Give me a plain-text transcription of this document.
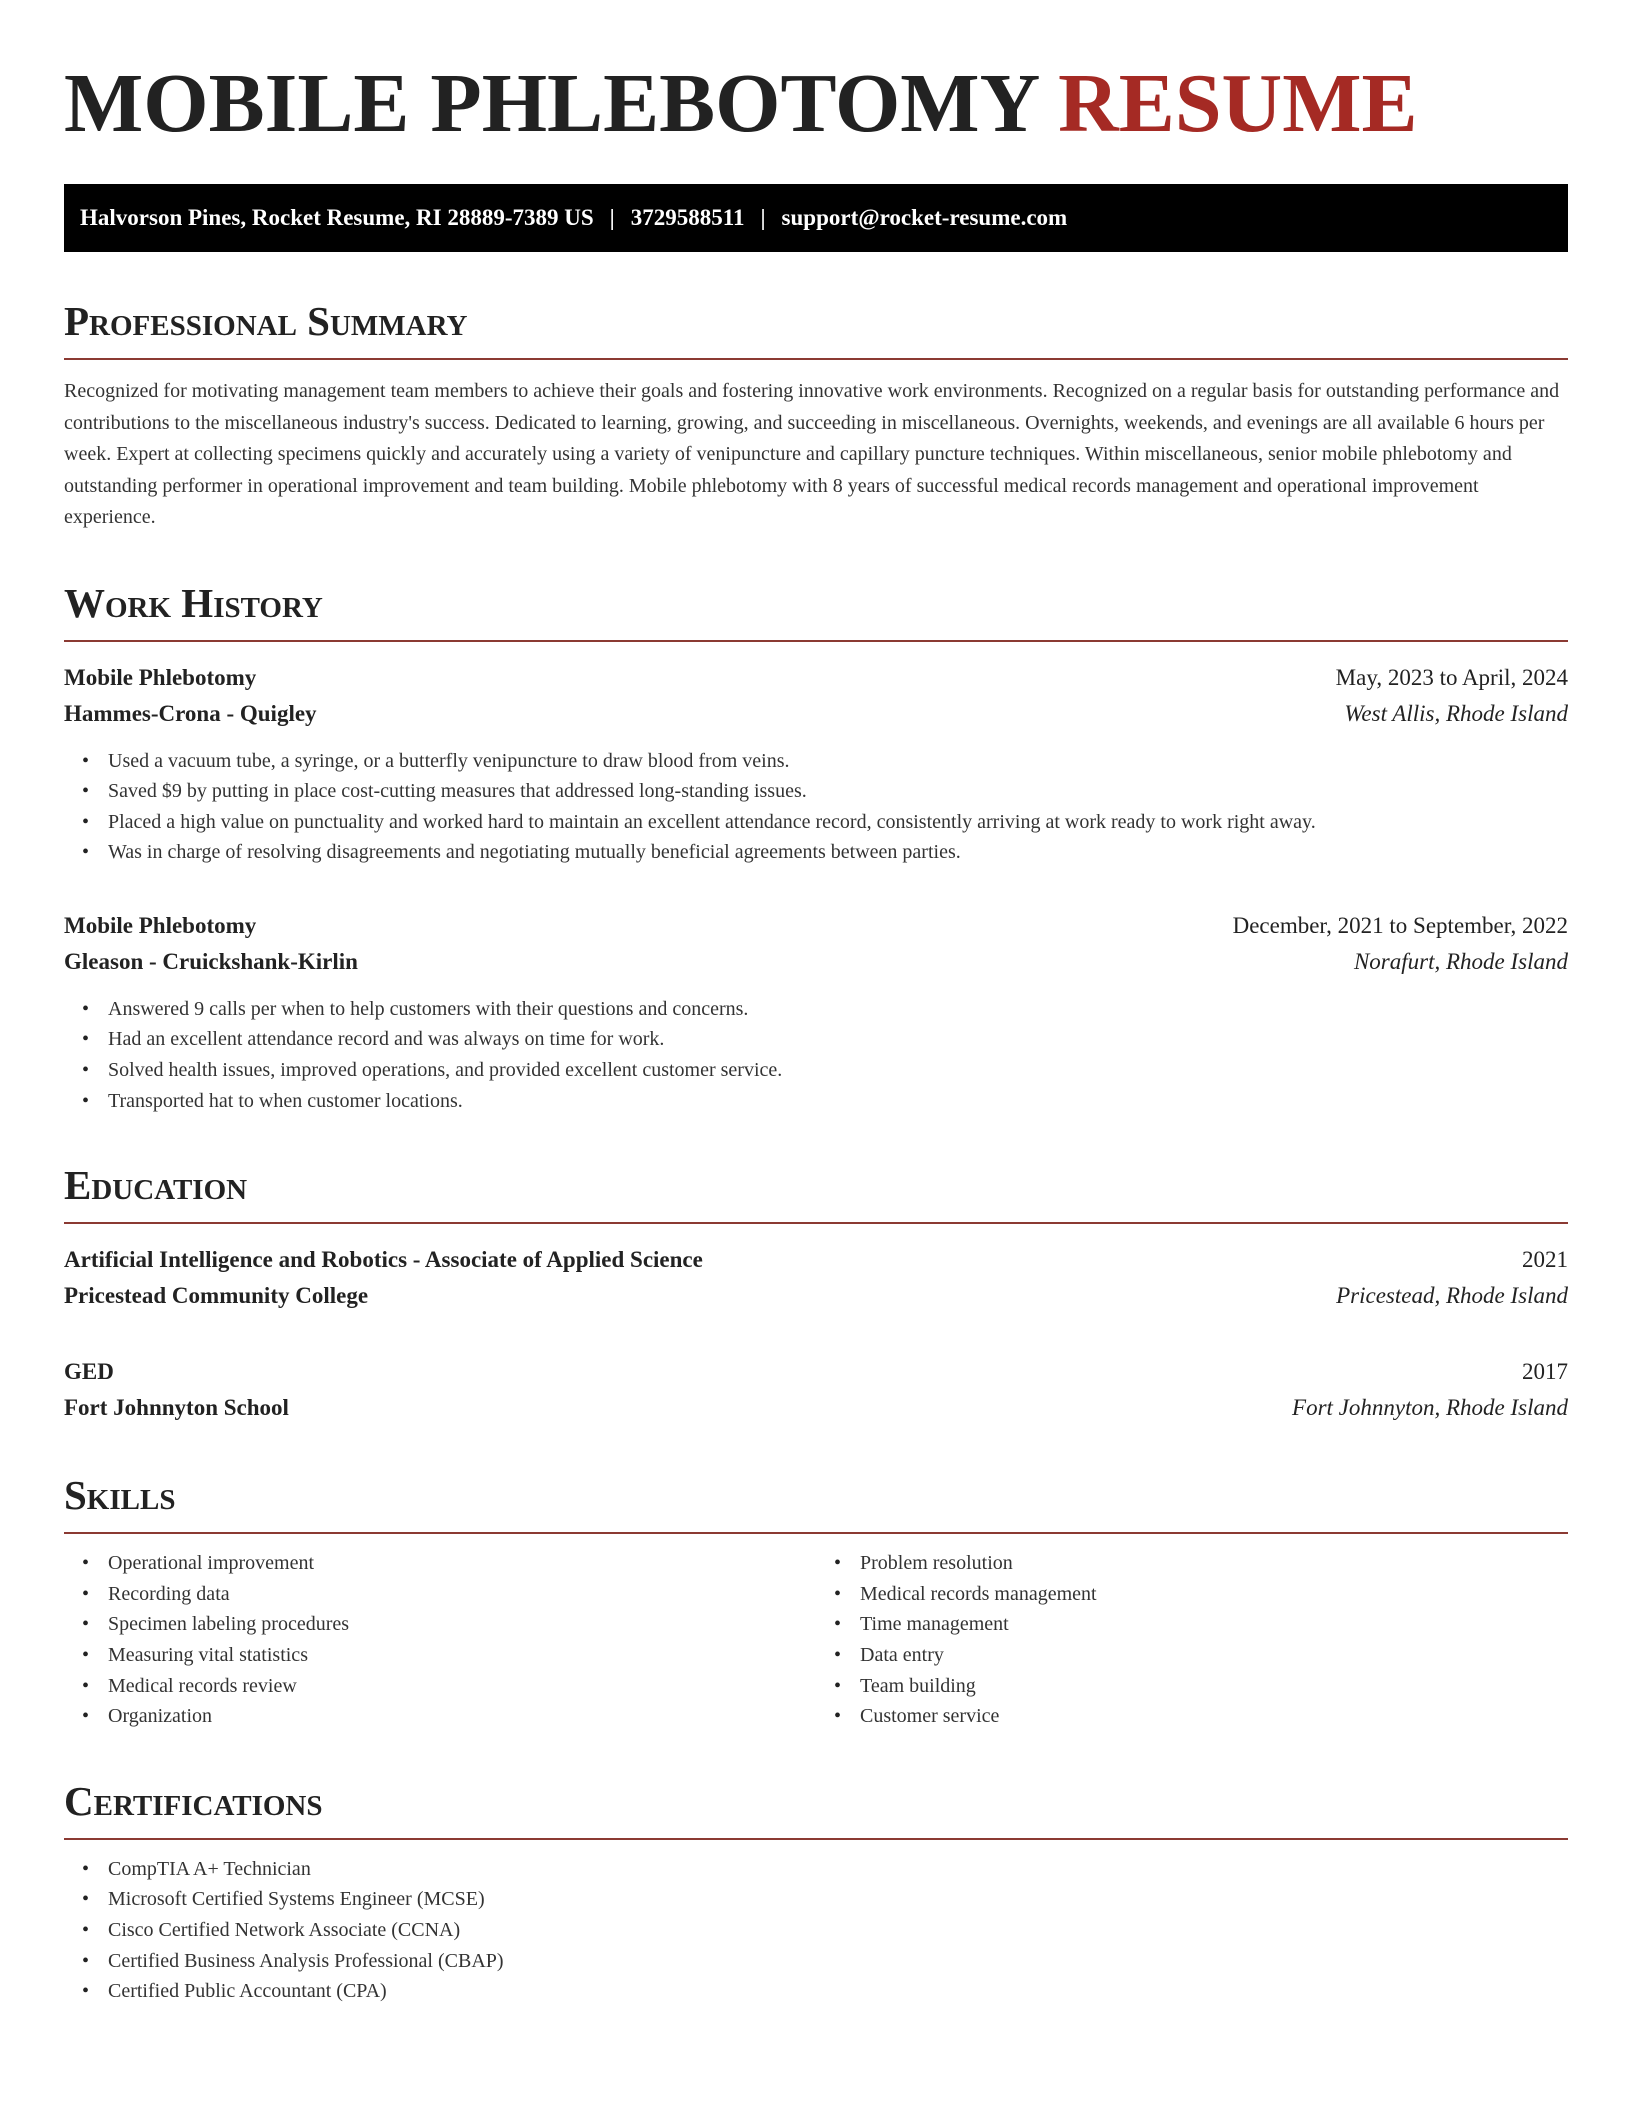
MOBILE PHLEBOTOMY RESUME
Halvorson Pines, Rocket Resume, RI 28889-7389 US | 3729588511 | support@rocket-resume.com
Professional Summary

Recognized for motivating management team members to achieve their goals and fostering innovative work environments. Recognized on a regular basis for outstanding performance and contributions to the miscellaneous industry's success. Dedicated to learning, growing, and succeeding in miscellaneous. Overnights, weekends, and evenings are all available 6 hours per week. Expert at collecting specimens quickly and accurately using a variety of venipuncture and capillary puncture techniques. Within miscellaneous, senior mobile phlebotomy and outstanding performer in operational improvement and team building. Mobile phlebotomy with 8 years of successful medical records management and operational improvement experience.

Work History
Mobile Phlebotomy	May, 2023 to April, 2024
Hammes-Crona - Quigley	West Allis, Rhode Island
• Used a vacuum tube, a syringe, or a butterfly venipuncture to draw blood from veins.
• Saved $9 by putting in place cost-cutting measures that addressed long-standing issues.
• Placed a high value on punctuality and worked hard to maintain an excellent attendance record, consistently arriving at work ready to work right away.
• Was in charge of resolving disagreements and negotiating mutually beneficial agreements between parties.
Mobile Phlebotomy	December, 2021 to September, 2022
Gleason - Cruickshank-Kirlin	Norafurt, Rhode Island
• Answered 9 calls per when to help customers with their questions and concerns.
• Had an excellent attendance record and was always on time for work.
• Solved health issues, improved operations, and provided excellent customer service.
• Transported hat to when customer locations.
Education
Artificial Intelligence and Robotics - Associate of Applied Science	2021
Pricestead Community College	Pricestead, Rhode Island
GED	2017
Fort Johnnyton School	Fort Johnnyton, Rhode Island
Skills
• Operational improvement
• Recording data
• Specimen labeling procedures
• Measuring vital statistics
• Medical records review
• Organization
• Problem resolution
• Medical records management
• Time management
• Data entry
• Team building
• Customer service
Certifications
• CompTIA A+ Technician
• Microsoft Certified Systems Engineer (MCSE)
• Cisco Certified Network Associate (CCNA)
• Certified Business Analysis Professional (CBAP)
• Certified Public Accountant (CPA)
